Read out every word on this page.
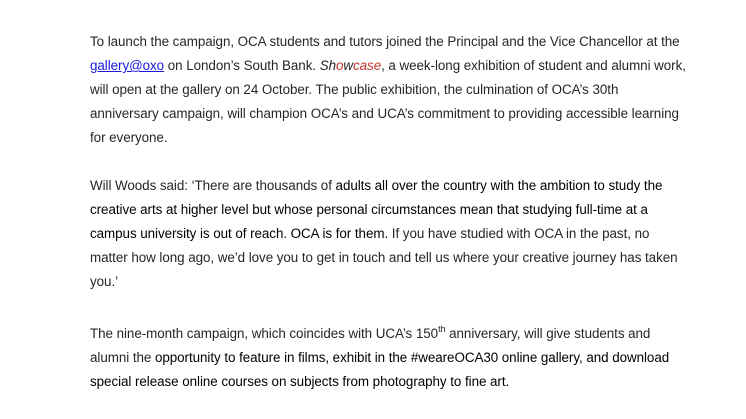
To launch the campaign, OCA students and tutors joined the Principal and the Vice Chancellor at the gallery@oxo on London’s South Bank. Showcase, a week-long exhibition of student and alumni work, will open at the gallery on 24 October. The public exhibition, the culmination of OCA’s 30th anniversary campaign, will champion OCA’s and UCA’s commitment to providing accessible learning for everyone.

Will Woods said: ‘There are thousands of adults all over the country with the ambition to study the creative arts at higher level but whose personal circumstances mean that studying full-time at a campus university is out of reach. OCA is for them. If you have studied with OCA in the past, no matter how long ago, we’d love you to get in touch and tell us where your creative journey has taken you.’

The nine-month campaign, which coincides with UCA’s 150th anniversary, will give students and alumni the opportunity to feature in films, exhibit in the #weareOCA30 online gallery, and download special release online courses on subjects from photography to fine art.
